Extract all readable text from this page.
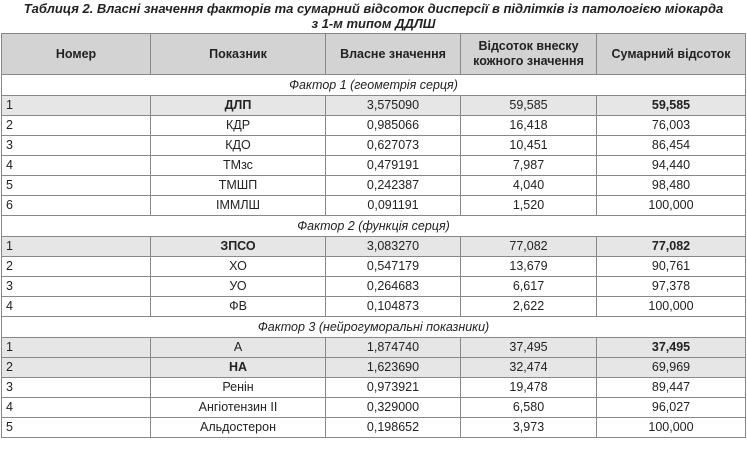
Таблиця 2. Власні значення факторів та сумарний відсоток дисперсії в підлітків із патологією міокарда
з 1-м типом ДДЛШ
Номер	Показник	Власне значення	Відсоток внеску кожного значення	Сумарний відсоток
Фактор 1 (геометрія серця)				
1	ДЛП	3,575090	59,585	59,585
2	КДР	0,985066	16,418	76,003
3	КДО	0,627073	10,451	86,454
4	ТМзс	0,479191	7,987	94,440
5	ТМШП	0,242387	4,040	98,480
6	ІММЛШ	0,091191	1,520	100,000
Фактор 2 (функція серця)				
1	ЗПСО	3,083270	77,082	77,082
2	ХО	0,547179	13,679	90,761
3	УО	0,264683	6,617	97,378
4	ФВ	0,104873	2,622	100,000
Фактор 3 (нейрогуморальні показники)				
1	А	1,874740	37,495	37,495
2	НА	1,623690	32,474	69,969
3	Ренін	0,973921	19,478	89,447
4	Ангіотензин ІІ	0,329000	6,580	96,027
5	Альдостерон	0,198652	3,973	100,000
